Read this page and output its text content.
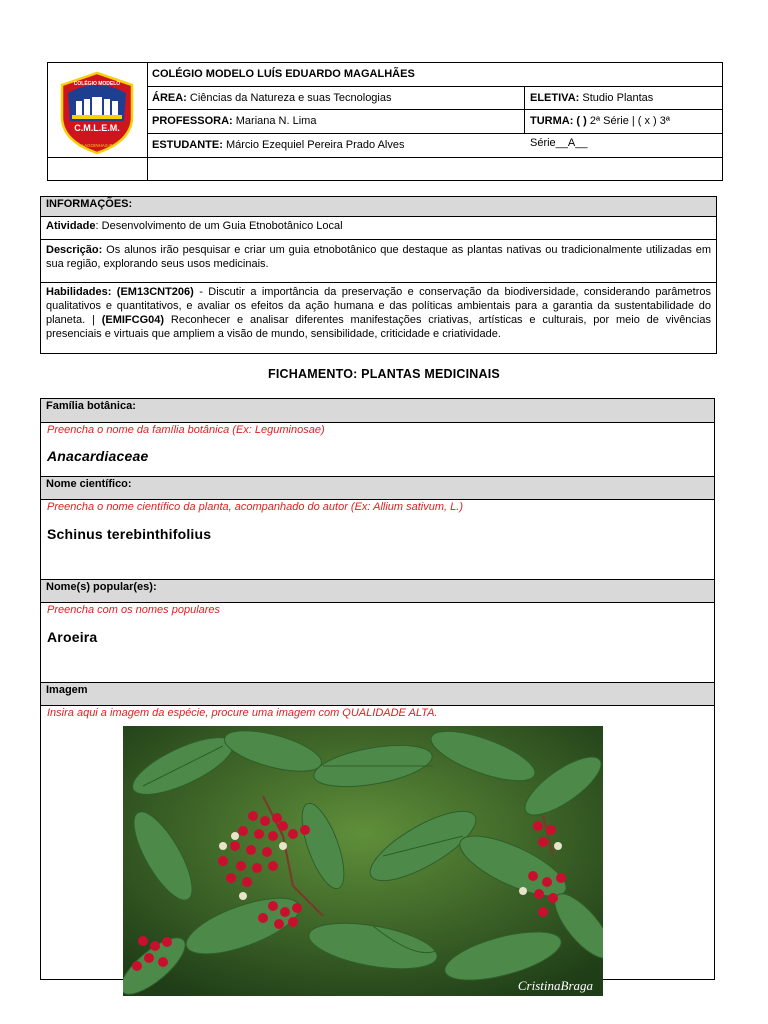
COLÉGIO MODELO
C.M.L.E.M.
ALAGOINHAS-BA
COLÉGIO MODELO LUÍS EDUARDO MAGALHÃES
ÁREA: Ciências da Natureza e suas Tecnologias	ELETIVA: Studio Plantas
PROFESSORA: Mariana N. Lima	TURMA: ( ) 2ª Série | ( x ) 3ª Série__A__
ESTUDANTE: Márcio Ezequiel Pereira Prado Alves
INFORMAÇÕES:
Atividade: Desenvolvimento de um Guia Etnobotânico Local
Descrição: Os alunos irão pesquisar e criar um guia etnobotânico que destaque as plantas nativas ou tradicionalmente utilizadas em sua região, explorando seus usos medicinais.
Habilidades: (EM13CNT206) - Discutir a importância da preservação e conservação da biodiversidade, considerando parâmetros qualitativos e quantitativos, e avaliar os efeitos da ação humana e das políticas ambientais para a garantia da sustentabilidade do planeta. | (EMIFCG04) Reconhecer e analisar diferentes manifestações criativas, artísticas e culturais, por meio de vivências presenciais e virtuais que ampliem a visão de mundo, sensibilidade, criticidade e criatividade.
FICHAMENTO: PLANTAS MEDICINAIS
Família botânica:
Preencha o nome da família botânica (Ex: Leguminosae)
Anacardiaceae
Nome científico:
Preencha o nome científico da planta, acompanhado do autor (Ex: Allium sativum, L.)
Schinus terebinthifolius
Nome(s) popular(es):
Preencha com os nomes populares
Aroeira
Imagem
Insira aqui a imagem da espécie, procure uma imagem com QUALIDADE ALTA.
CristinaBraga
